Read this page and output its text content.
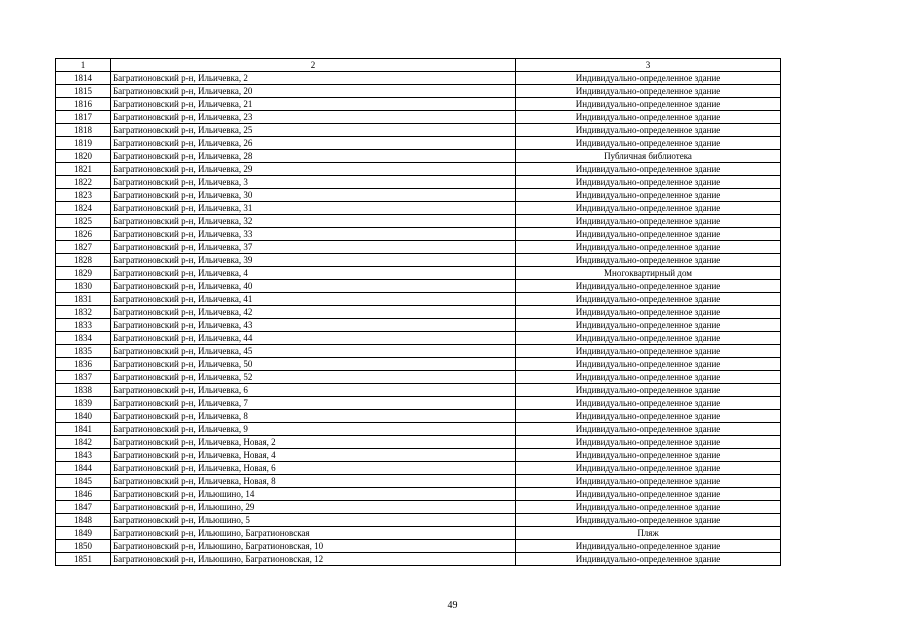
1	2	3
1814	Багратионовский р-н, Ильичевка, 2	Индивидуально-определенное здание
1815	Багратионовский р-н, Ильичевка, 20	Индивидуально-определенное здание
1816	Багратионовский р-н, Ильичевка, 21	Индивидуально-определенное здание
1817	Багратионовский р-н, Ильичевка, 23	Индивидуально-определенное здание
1818	Багратионовский р-н, Ильичевка, 25	Индивидуально-определенное здание
1819	Багратионовский р-н, Ильичевка, 26	Индивидуально-определенное здание
1820	Багратионовский р-н, Ильичевка, 28	Публичная библиотека
1821	Багратионовский р-н, Ильичевка, 29	Индивидуально-определенное здание
1822	Багратионовский р-н, Ильичевка, 3	Индивидуально-определенное здание
1823	Багратионовский р-н, Ильичевка, 30	Индивидуально-определенное здание
1824	Багратионовский р-н, Ильичевка, 31	Индивидуально-определенное здание
1825	Багратионовский р-н, Ильичевка, 32	Индивидуально-определенное здание
1826	Багратионовский р-н, Ильичевка, 33	Индивидуально-определенное здание
1827	Багратионовский р-н, Ильичевка, 37	Индивидуально-определенное здание
1828	Багратионовский р-н, Ильичевка, 39	Индивидуально-определенное здание
1829	Багратионовский р-н, Ильичевка, 4	Многоквартирный дом
1830	Багратионовский р-н, Ильичевка, 40	Индивидуально-определенное здание
1831	Багратионовский р-н, Ильичевка, 41	Индивидуально-определенное здание
1832	Багратионовский р-н, Ильичевка, 42	Индивидуально-определенное здание
1833	Багратионовский р-н, Ильичевка, 43	Индивидуально-определенное здание
1834	Багратионовский р-н, Ильичевка, 44	Индивидуально-определенное здание
1835	Багратионовский р-н, Ильичевка, 45	Индивидуально-определенное здание
1836	Багратионовский р-н, Ильичевка, 50	Индивидуально-определенное здание
1837	Багратионовский р-н, Ильичевка, 52	Индивидуально-определенное здание
1838	Багратионовский р-н, Ильичевка, 6	Индивидуально-определенное здание
1839	Багратионовский р-н, Ильичевка, 7	Индивидуально-определенное здание
1840	Багратионовский р-н, Ильичевка, 8	Индивидуально-определенное здание
1841	Багратионовский р-н, Ильичевка, 9	Индивидуально-определенное здание
1842	Багратионовский р-н, Ильичевка, Новая, 2	Индивидуально-определенное здание
1843	Багратионовский р-н, Ильичевка, Новая, 4	Индивидуально-определенное здание
1844	Багратионовский р-н, Ильичевка, Новая, 6	Индивидуально-определенное здание
1845	Багратионовский р-н, Ильичевка, Новая, 8	Индивидуально-определенное здание
1846	Багратионовский р-н, Ильюшино, 14	Индивидуально-определенное здание
1847	Багратионовский р-н, Ильюшино, 29	Индивидуально-определенное здание
1848	Багратионовский р-н, Ильюшино, 5	Индивидуально-определенное здание
1849	Багратионовский р-н, Ильюшино, Багратионовская	Пляж
1850	Багратионовский р-н, Ильюшино, Багратионовская, 10	Индивидуально-определенное здание
1851	Багратионовский р-н, Ильюшино, Багратионовская, 12	Индивидуально-определенное здание
49
